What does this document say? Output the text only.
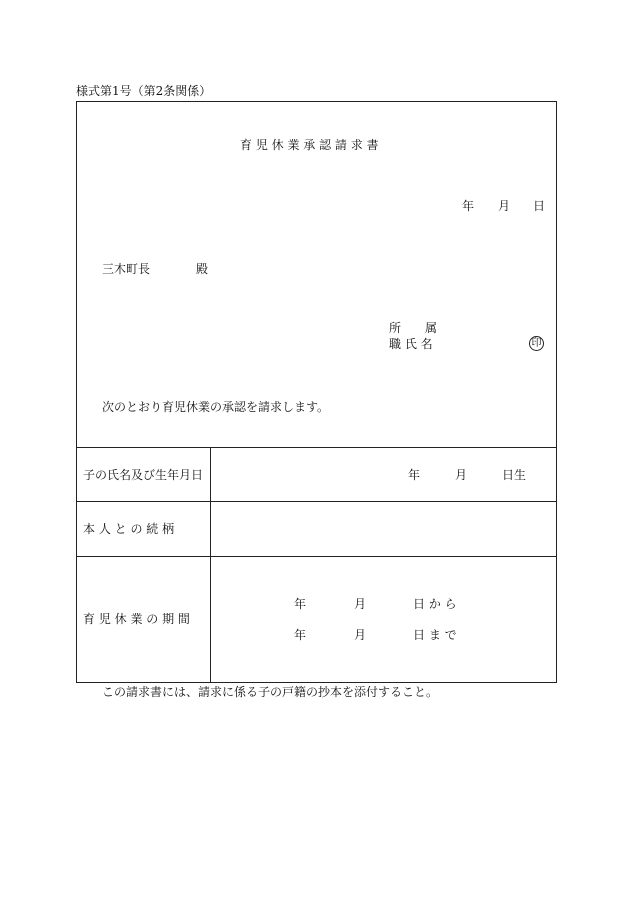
様式第1号（第2条関係）
育 児 休 業 承 認 請 求 書
年 月 日
三木町長	殿
所　　属
職 氏 名	印
次のとおり育児休業の承認を請求します。
子の氏名及び生年月日	年	月	日生
本 人 と の 続 柄
育 児 休 業 の 期 間
年	月	日 か ら
年	月	日 ま で
この請求書には、請求に係る子の戸籍の抄本を添付すること。
